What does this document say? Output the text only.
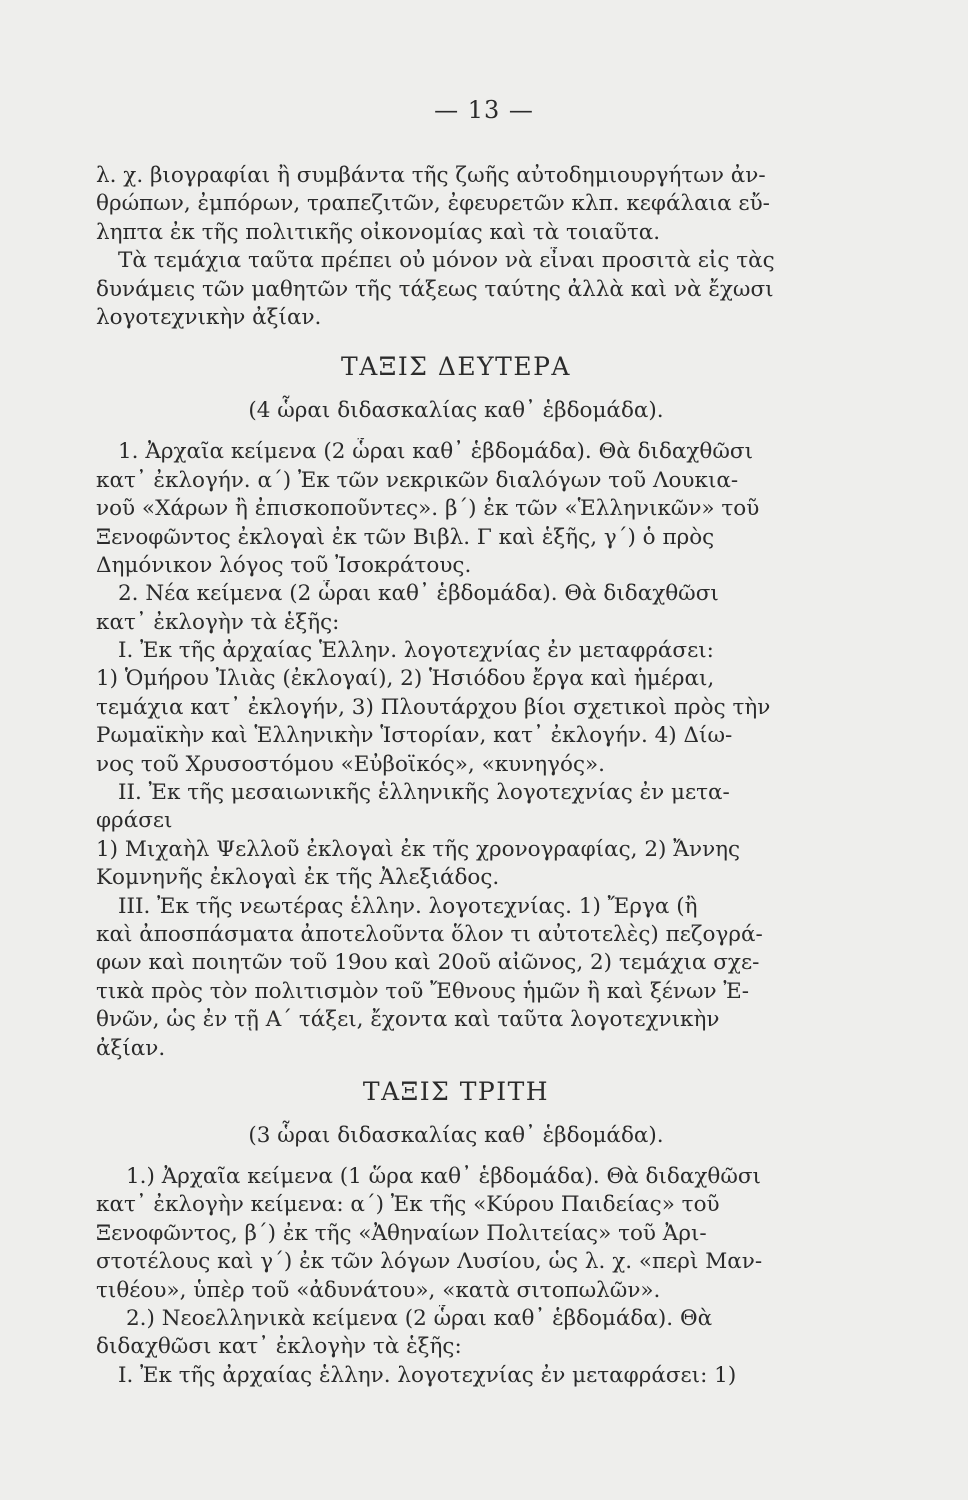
— 13 —
λ. χ. βιογραφίαι ἢ συμβάντα τῆς ζωῆς αὐτοδημιουργήτων ἀν-
θρώπων, ἐμπόρων, τραπεζιτῶν, ἐφευρετῶν κλπ. κεφάλαια εὔ-
ληπτα ἐκ τῆς πολιτικῆς οἰκονομίας καὶ τὰ τοιαῦτα.
Τὰ τεμάχια ταῦτα πρέπει οὐ μόνον νὰ εἶναι προσιτὰ εἰς τὰς
δυνάμεις τῶν μαθητῶν τῆς τάξεως ταύτης ἀλλὰ καὶ νὰ ἔχωσι
λογοτεχνικὴν ἀξίαν.
ΤΑΞΙΣ ΔΕΥΤΕΡΑ
(4 ὧραι διδασκαλίας καθ᾽ ἑβδομάδα).
1. Ἀρχαῖα κείμενα (2 ὧραι καθ᾽ ἑβδομάδα). Θὰ διδαχθῶσι
κατ᾽ ἐκλογήν. α´) Ἐκ τῶν νεκρικῶν διαλόγων τοῦ Λουκια-
νοῦ «Χάρων ἢ ἐπισκοποῦντες». β´) ἐκ τῶν «Ἑλληνικῶν» τοῦ
Ξενοφῶντος ἐκλογαὶ ἐκ τῶν Βιβλ. Γ καὶ ἑξῆς, γ´) ὁ πρὸς
Δημόνικον λόγος τοῦ Ἰσοκράτους.
2. Νέα κείμενα (2 ὧραι καθ᾽ ἑβδομάδα). Θὰ διδαχθῶσι
κατ᾽ ἐκλογὴν τὰ ἑξῆς:
I. Ἐκ τῆς ἀρχαίας Ἑλλην. λογοτεχνίας ἐν μεταφράσει:
1) Ὁμήρου Ἰλιὰς (ἐκλογαί), 2) Ἡσιόδου ἔργα καὶ ἡμέραι,
τεμάχια κατ᾽ ἐκλογήν, 3) Πλουτάρχου βίοι σχετικοὶ πρὸς τὴν
Ρωμαϊκὴν καὶ Ἑλληνικὴν Ἱστορίαν, κατ᾽ ἐκλογήν. 4) Δίω-
νος τοῦ Χρυσοστόμου «Εὐβοϊκός», «κυνηγός».
II. Ἐκ τῆς μεσαιωνικῆς ἑλληνικῆς λογοτεχνίας ἐν μετα-
φράσει
1) Μιχαὴλ Ψελλοῦ ἐκλογαὶ ἐκ τῆς χρονογραφίας, 2) Ἄννης
Κομνηνῆς ἐκλογαὶ ἐκ τῆς Ἀλεξιάδος.
III. Ἐκ τῆς νεωτέρας ἑλλην. λογοτεχνίας. 1) Ἔργα (ἢ
καὶ ἀποσπάσματα ἀποτελοῦντα ὅλον τι αὐτοτελὲς) πεζογρά-
φων καὶ ποιητῶν τοῦ 19ου καὶ 20οῦ αἰῶνος, 2) τεμάχια σχε-
τικὰ πρὸς τὸν πολιτισμὸν τοῦ Ἔθνους ἡμῶν ἢ καὶ ξένων Ἐ-
θνῶν, ὡς ἐν τῇ Α´ τάξει, ἔχοντα καὶ ταῦτα λογοτεχνικὴν
ἀξίαν.
ΤΑΞΙΣ ΤΡΙΤΗ
(3 ὧραι διδασκαλίας καθ᾽ ἑβδομάδα).
1.) Ἀρχαῖα κείμενα (1 ὥρα καθ᾽ ἑβδομάδα). Θὰ διδαχθῶσι
κατ᾽ ἐκλογὴν κείμενα: α´) Ἐκ τῆς «Κύρου Παιδείας» τοῦ
Ξενοφῶντος, β´) ἐκ τῆς «Ἀθηναίων Πολιτείας» τοῦ Ἀρι-
στοτέλους καὶ γ´) ἐκ τῶν λόγων Λυσίου, ὡς λ. χ. «περὶ Μαν-
τιθέου», ὑπὲρ τοῦ «ἀδυνάτου», «κατὰ σιτοπωλῶν».
2.) Νεοελληνικὰ κείμενα (2 ὧραι καθ᾽ ἑβδομάδα). Θὰ
διδαχθῶσι κατ᾽ ἐκλογὴν τὰ ἑξῆς:
I. Ἐκ τῆς ἀρχαίας ἑλλην. λογοτεχνίας ἐν μεταφράσει: 1)
